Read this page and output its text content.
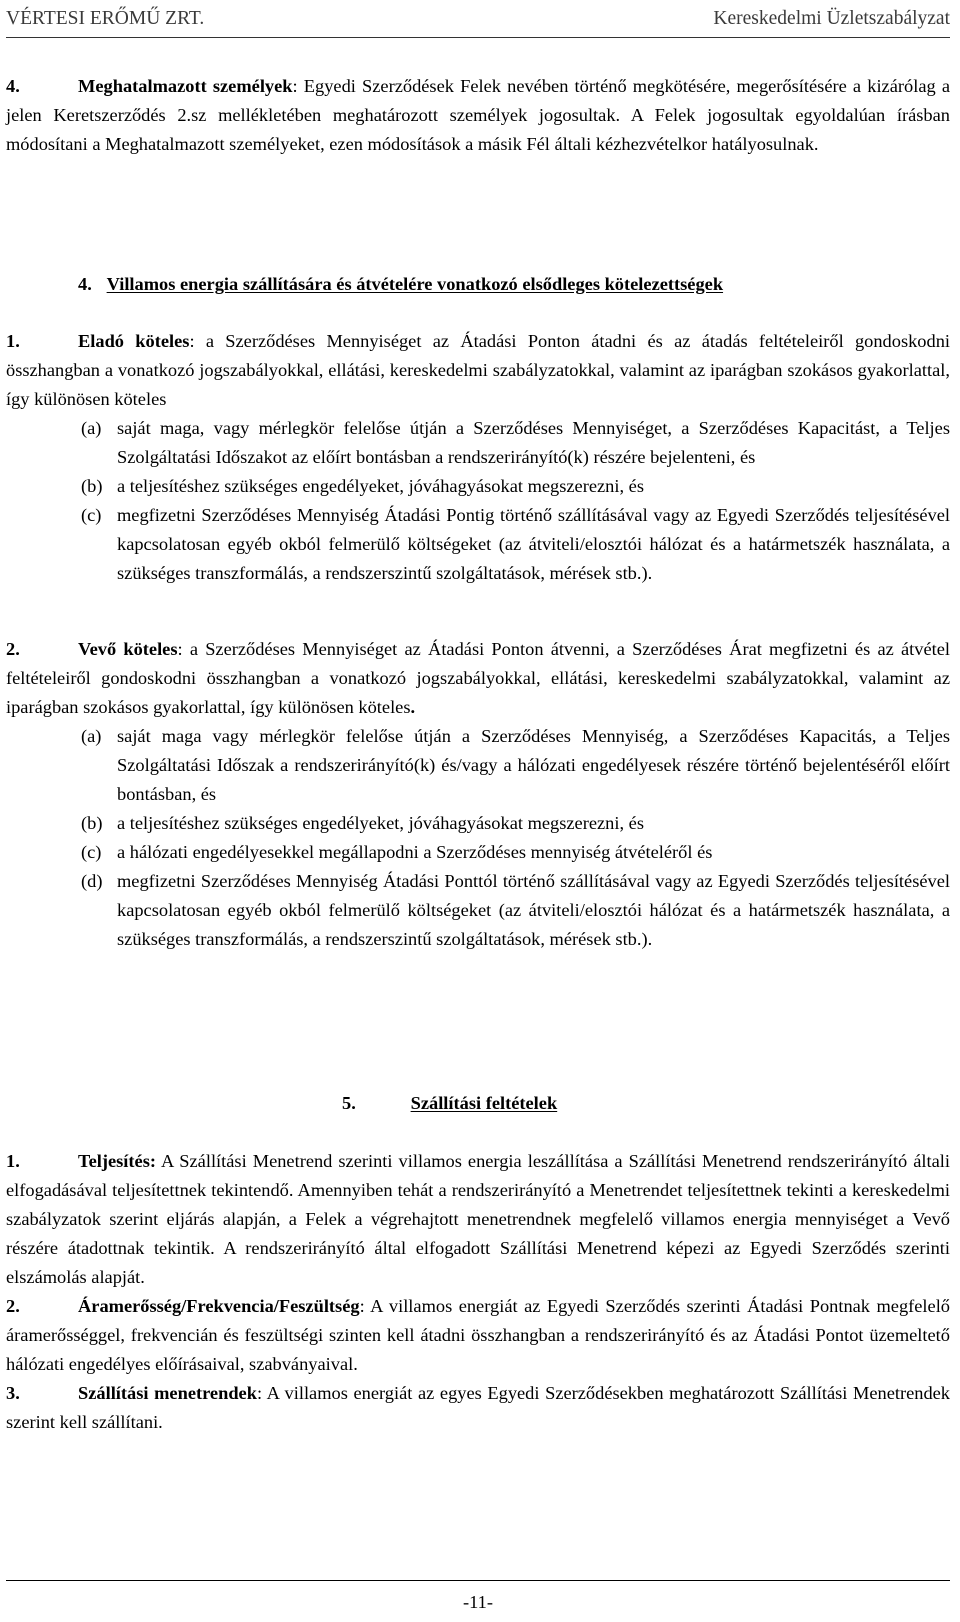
VÉRTESI ERŐMŰ ZRT.	Kereskedelmi Üzletszabályzat

4.	Meghatalmazott személyek: Egyedi Szerződések Felek nevében történő megkötésére, megerősítésére a kizárólag a jelen Keretszerződés 2.sz mellékletében meghatározott személyek jogosultak. A Felek jogosultak egyoldalúan írásban módosítani a Meghatalmazott személyeket, ezen módosítások a másik Fél általi kézhezvételkor hatályosulnak.

4. Villamos energia szállítására és átvételére vonatkozó elsődleges kötelezettségek

1.	Eladó köteles: a Szerződéses Mennyiséget az Átadási Ponton átadni és az átadás feltételeiről gondoskodni összhangban a vonatkozó jogszabályokkal, ellátási, kereskedelmi szabályzatokkal, valamint az iparágban szokásos gyakorlattal, így különösen köteles

(a) saját maga, vagy mérlegkör felelőse útján a Szerződéses Mennyiséget, a Szerződéses Kapacitást, a Teljes Szolgáltatási Időszakot az előírt bontásban a rendszerirányító(k) részére bejelenteni, és

(b) a teljesítéshez szükséges engedélyeket, jóváhagyásokat megszerezni, és

(c) megfizetni Szerződéses Mennyiség Átadási Pontig történő szállításával vagy az Egyedi Szerződés teljesítésével kapcsolatosan egyéb okból felmerülő költségeket (az átviteli/elosztói hálózat és a határmetszék használata, a szükséges transzformálás, a rendszerszintű szolgáltatások, mérések stb.).

2.	Vevő köteles: a Szerződéses Mennyiséget az Átadási Ponton átvenni, a Szerződéses Árat megfizetni és az átvétel feltételeiről gondoskodni összhangban a vonatkozó jogszabályokkal, ellátási, kereskedelmi szabályzatokkal, valamint az iparágban szokásos gyakorlattal, így különösen köteles.

(a) saját maga vagy mérlegkör felelőse útján a Szerződéses Mennyiség, a Szerződéses Kapacitás, a Teljes Szolgáltatási Időszak a rendszerirányító(k) és/vagy a hálózati engedélyesek részére történő bejelentéséről előírt bontásban, és

(b) a teljesítéshez szükséges engedélyeket, jóváhagyásokat megszerezni, és

(c) a hálózati engedélyesekkel megállapodni a Szerződéses mennyiség átvételéről és

(d) megfizetni Szerződéses Mennyiség Átadási Ponttól történő szállításával vagy az Egyedi Szerződés teljesítésével kapcsolatosan egyéb okból felmerülő költségeket (az átviteli/elosztói hálózat és a határmetszék használata, a szükséges transzformálás, a rendszerszintű szolgáltatások, mérések stb.).

5.	Szállítási feltételek

1.	Teljesítés: A Szállítási Menetrend szerinti villamos energia leszállítása a Szállítási Menetrend rendszerirányító általi elfogadásával teljesítettnek tekintendő. Amennyiben tehát a rendszerirányító a Menetrendet teljesítettnek tekinti a kereskedelmi szabályzatok szerint eljárás alapján, a Felek a végrehajtott menetrendnek megfelelő villamos energia mennyiséget a Vevő részére átadottnak tekintik. A rendszerirányító által elfogadott Szállítási Menetrend képezi az Egyedi Szerződés szerinti elszámolás alapját.

2.	Áramerősség/Frekvencia/Feszültség: A villamos energiát az Egyedi Szerződés szerinti Átadási Pontnak megfelelő áramerősséggel, frekvencián és feszültségi szinten kell átadni összhangban a rendszerirányító és az Átadási Pontot üzemeltető hálózati engedélyes előírásaival, szabványaival.

3.	Szállítási menetrendek: A villamos energiát az egyes Egyedi Szerződésekben meghatározott Szállítási Menetrendek szerint kell szállítani.

-11-
